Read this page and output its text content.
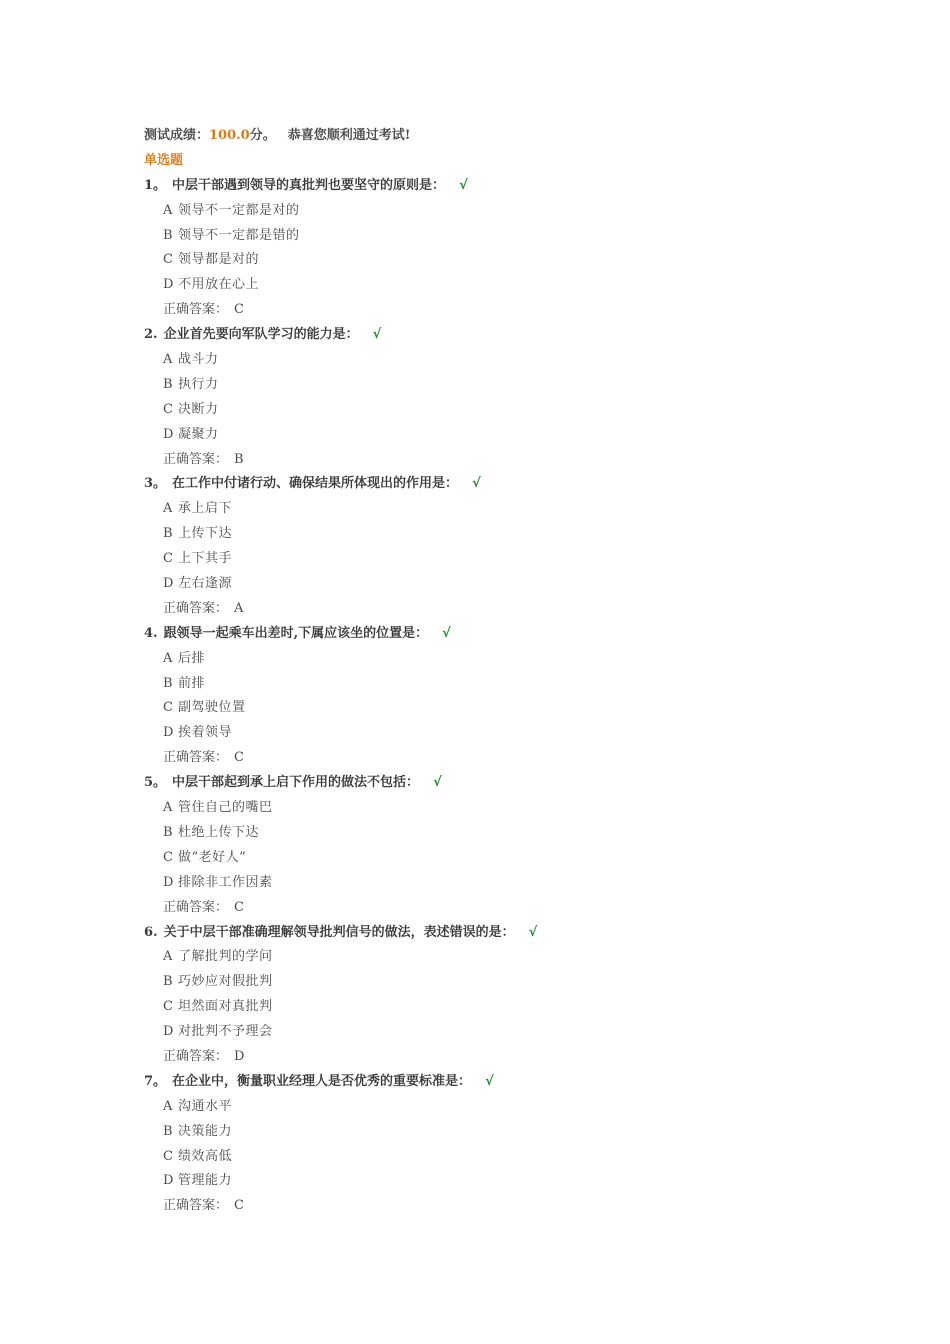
测试成绩：100.0分。 恭喜您顺利通过考试!
单选题
1。 中层干部遇到领导的真批判也要坚守的原则是： √
A 领导不一定都是对的
B 领导不一定都是错的
C 领导都是对的
D 不用放在心上
正确答案： C
2. 企业首先要向军队学习的能力是： √
A 战斗力
B 执行力
C 决断力
D 凝聚力
正确答案： B
3。 在工作中付诸行动、确保结果所体现出的作用是： √
A 承上启下
B 上传下达
C 上下其手
D 左右逢源
正确答案： A
4. 跟领导一起乘车出差时,下属应该坐的位置是： √
A 后排
B 前排
C 副驾驶位置
D 挨着领导
正确答案： C
5。 中层干部起到承上启下作用的做法不包括： √
A 管住自己的嘴巴
B 杜绝上传下达
C 做“老好人”
D 排除非工作因素
正确答案： C
6. 关于中层干部准确理解领导批判信号的做法，表述错误的是： √
A 了解批判的学问
B 巧妙应对假批判
C 坦然面对真批判
D 对批判不予理会
正确答案： D
7。 在企业中，衡量职业经理人是否优秀的重要标准是： √
A 沟通水平
B 决策能力
C 绩效高低
D 管理能力
正确答案： C
